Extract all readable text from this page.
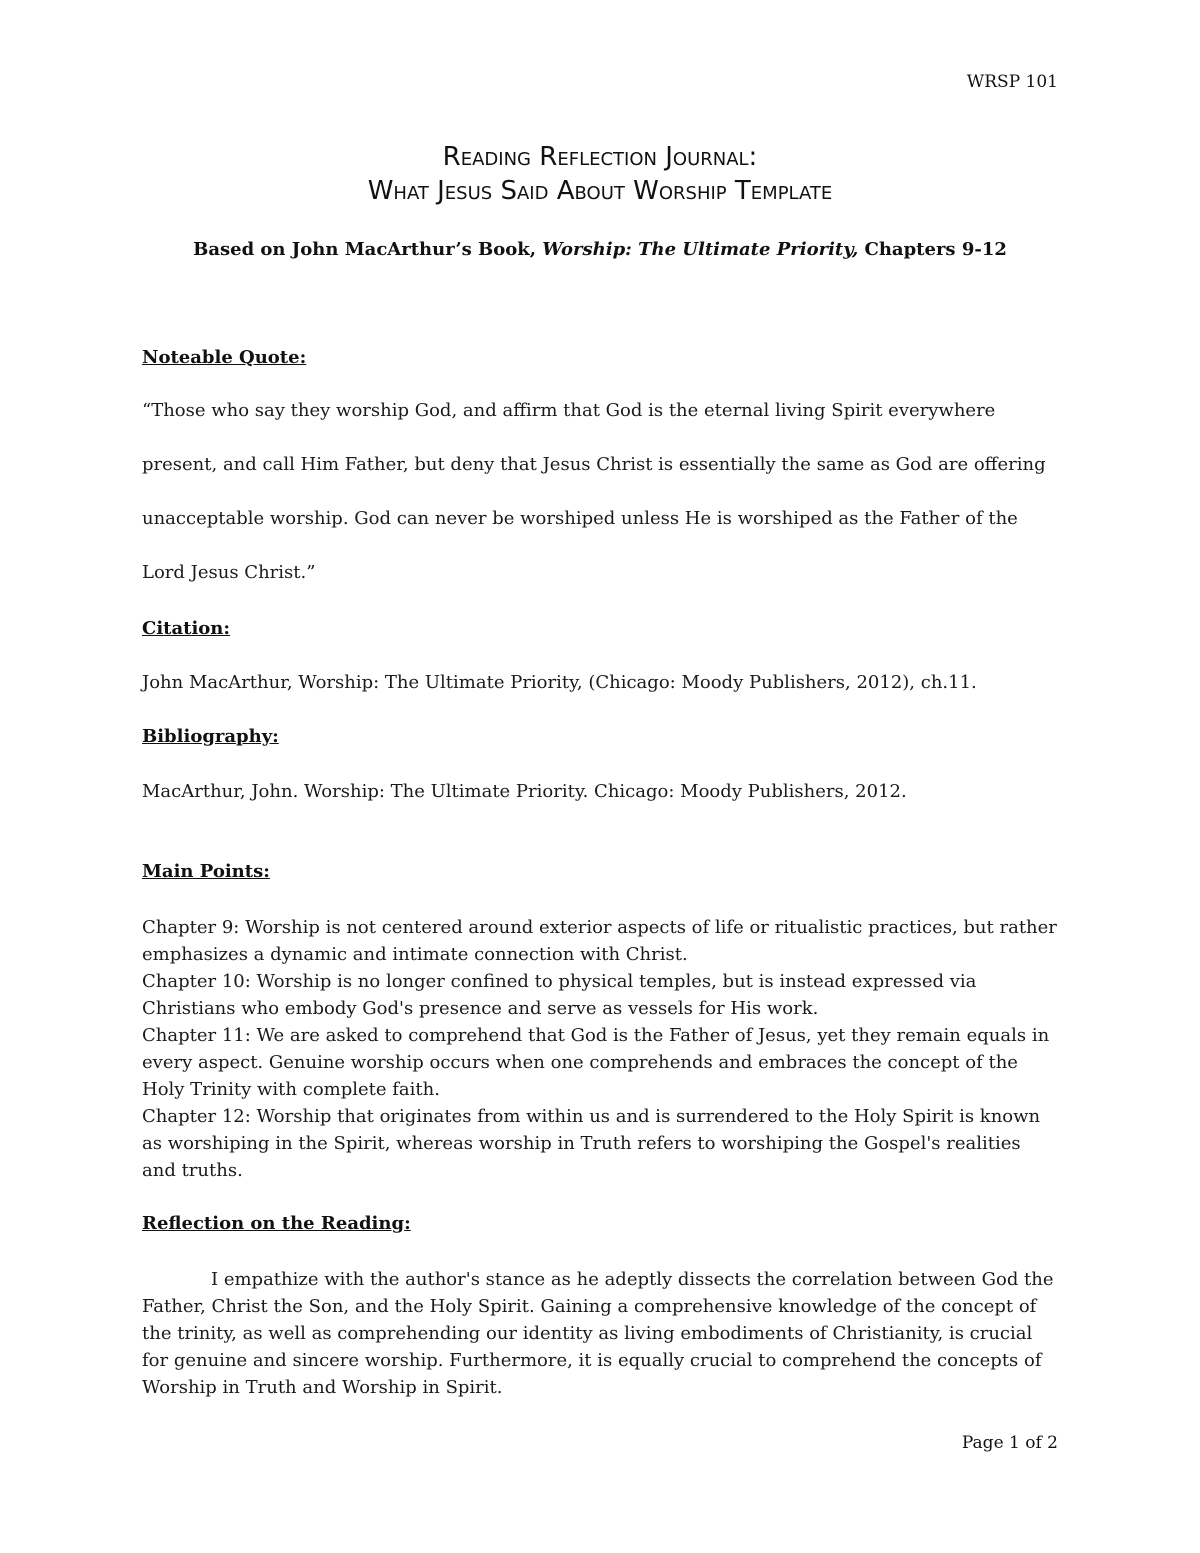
WRSP 101
Reading Reflection Journal:
What Jesus Said About Worship Template
Based on John MacArthur’s Book, Worship: The Ultimate Priority, Chapters 9-12
Noteable Quote:

“Those who say they worship God, and affirm that God is the eternal living Spirit everywhere present, and call Him Father, but deny that Jesus Christ is essentially the same as God are offering unacceptable worship. God can never be worshiped unless He is worshiped as the Father of the Lord Jesus Christ.”

Citation:
John MacArthur, Worship: The Ultimate Priority, (Chicago: Moody Publishers, 2012), ch.11.
Bibliography:
MacArthur, John. Worship: The Ultimate Priority. Chicago: Moody Publishers, 2012.
Main Points:

Chapter 9: Worship is not centered around exterior aspects of life or ritualistic practices, but rather emphasizes a dynamic and intimate connection with Christ.

Chapter 10: Worship is no longer confined to physical temples, but is instead expressed via Christians who embody God's presence and serve as vessels for His work.

Chapter 11: We are asked to comprehend that God is the Father of Jesus, yet they remain equals in every aspect. Genuine worship occurs when one comprehends and embraces the concept of the Holy Trinity with complete faith.

Chapter 12: Worship that originates from within us and is surrendered to the Holy Spirit is known as worshiping in the Spirit, whereas worship in Truth refers to worshiping the Gospel's realities and truths.

Reflection on the Reading:

I empathize with the author's stance as he adeptly dissects the correlation between God the Father, Christ the Son, and the Holy Spirit. Gaining a comprehensive knowledge of the concept of the trinity, as well as comprehending our identity as living embodiments of Christianity, is crucial for genuine and sincere worship. Furthermore, it is equally crucial to comprehend the concepts of Worship in Truth and Worship in Spirit.

Page 1 of 2
